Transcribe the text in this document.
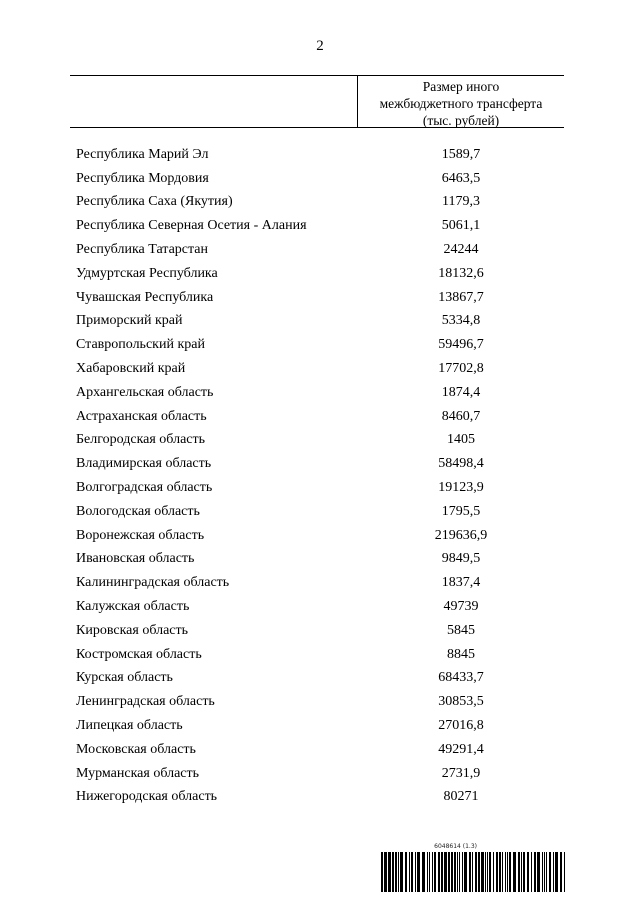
2
Размер иного
межбюджетного трансферта
(тыс. рублей)
Республика Марий Эл	1589,7
Республика Мордовия	6463,5
Республика Саха (Якутия)	1179,3
Республика Северная Осетия - Алания	5061,1
Республика Татарстан	24244
Удмуртская Республика	18132,6
Чувашская Республика	13867,7
Приморский край	5334,8
Ставропольский край	59496,7
Хабаровский край	17702,8
Архангельская область	1874,4
Астраханская область	8460,7
Белгородская область	1405
Владимирская область	58498,4
Волгоградская область	19123,9
Вологодская область	1795,5
Воронежская область	219636,9
Ивановская область	9849,5
Калининградская область	1837,4
Калужская область	49739
Кировская область	5845
Костромская область	8845
Курская область	68433,7
Ленинградская область	30853,5
Липецкая область	27016,8
Московская область	49291,4
Мурманская область	2731,9
Нижегородская область	80271
6048614 (1.3)
